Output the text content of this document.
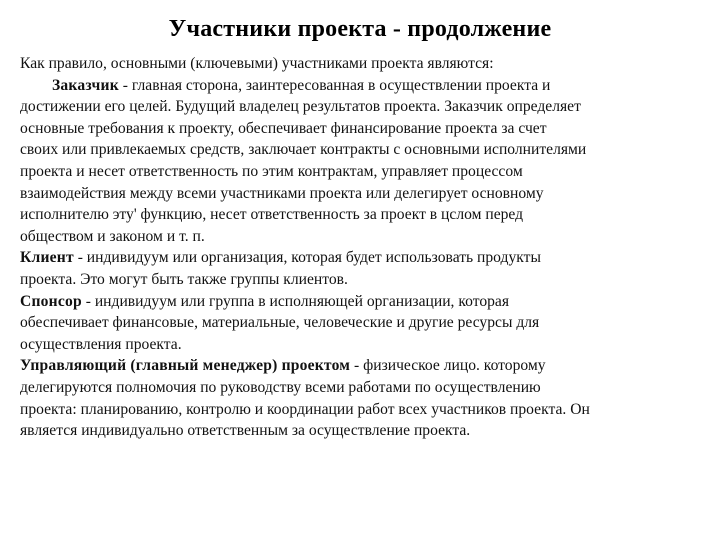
Участники проекта - продолжение
Как правило, основными (ключевыми) участниками проекта являются:
Заказчик - главная сторона, заинтересованная в осуществлении проекта и
достижении его целей. Будущий владелец результатов проекта. Заказчик определяет
основные требования к проекту, обеспечивает финансирование проекта за счет
своих или привлекаемых средств, заключает контракты с основными исполнителями
проекта и несет ответственность по этим контрактам, управляет процессом
взаимодействия между всеми участниками проекта или делегирует основному
исполнителю эту' функцию, несет ответственность за проект в цслом перед
обществом и законом и т. п.
Клиент - индивидуум или организация, которая будет использовать продукты
проекта. Это могут быть также группы клиентов.
Спонсор - индивидуум или группа в исполняющей организации, которая
обеспечивает финансовые, материальные, человеческие и другие ресурсы для
осуществления проекта.
Управляющий (главный менеджер) проектом - физическое лицо. которому
делегируются полномочия по руководству всеми работами по осуществлению
проекта: планированию, контролю и координации работ всех участников проекта. Он
является индивидуально ответственным за осуществление проекта.
